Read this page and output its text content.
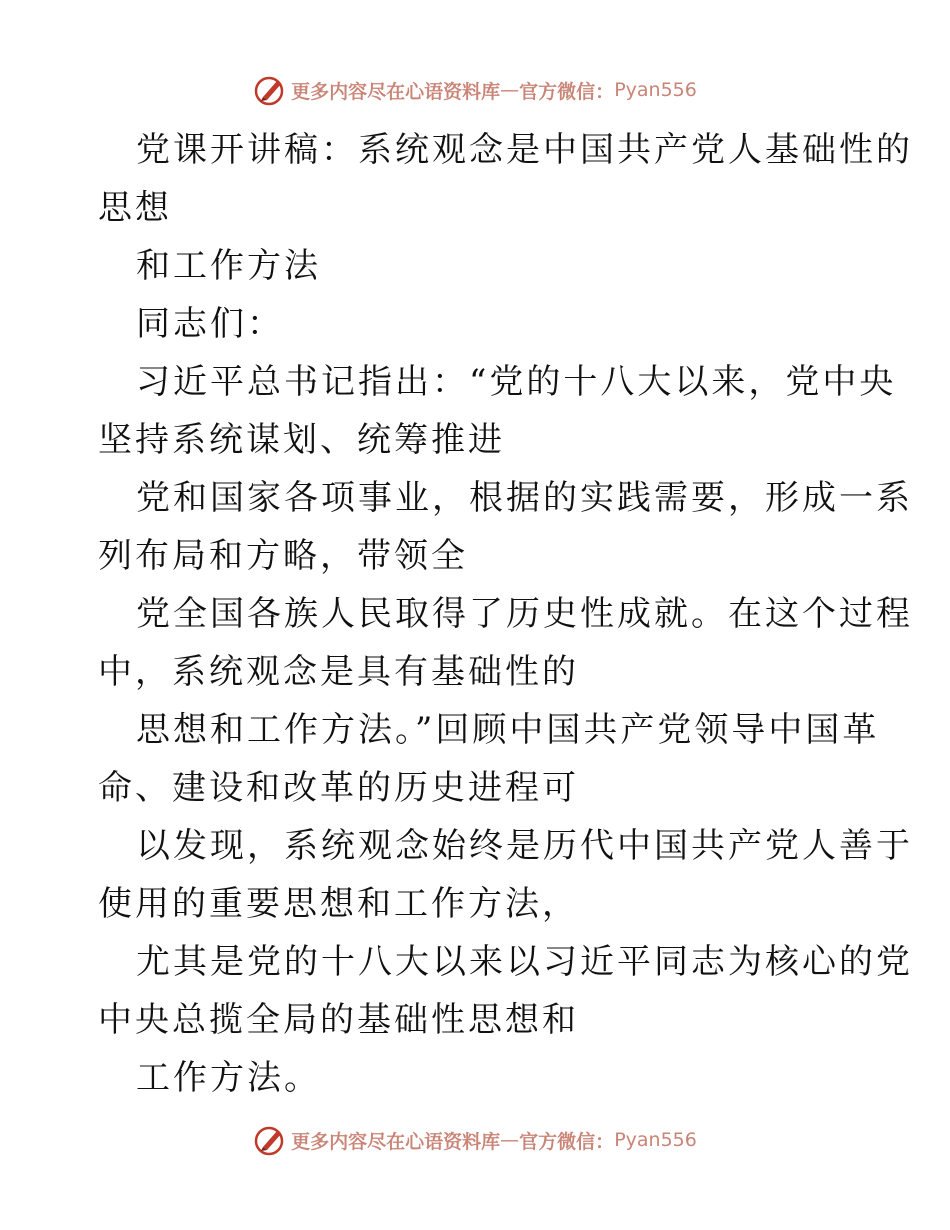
更多内容尽在心语资料库 — 官方微信： Pyan556

党课开讲稿：系统观念是中国共产党人基础性的
思想

和工作方法

同志们：

习近平总书记指出：“党的十八大以来，党中央
坚持系统谋划、统筹推进

党和国家各项事业，根据的实践需要，形成一系
列布局和方略，带领全

党全国各族人民取得了历史性成就。在这个过程
中，系统观念是具有基础性的

思想和工作方法。”回顾中国共产党领导中国革
命、建设和改革的历史进程可

以发现，系统观念始终是历代中国共产党人善于
使用的重要思想和工作方法，

尤其是党的十八大以来以习近平同志为核心的党
中央总揽全局的基础性思想和

工作方法。

更多内容尽在心语资料库 — 官方微信： Pyan556
